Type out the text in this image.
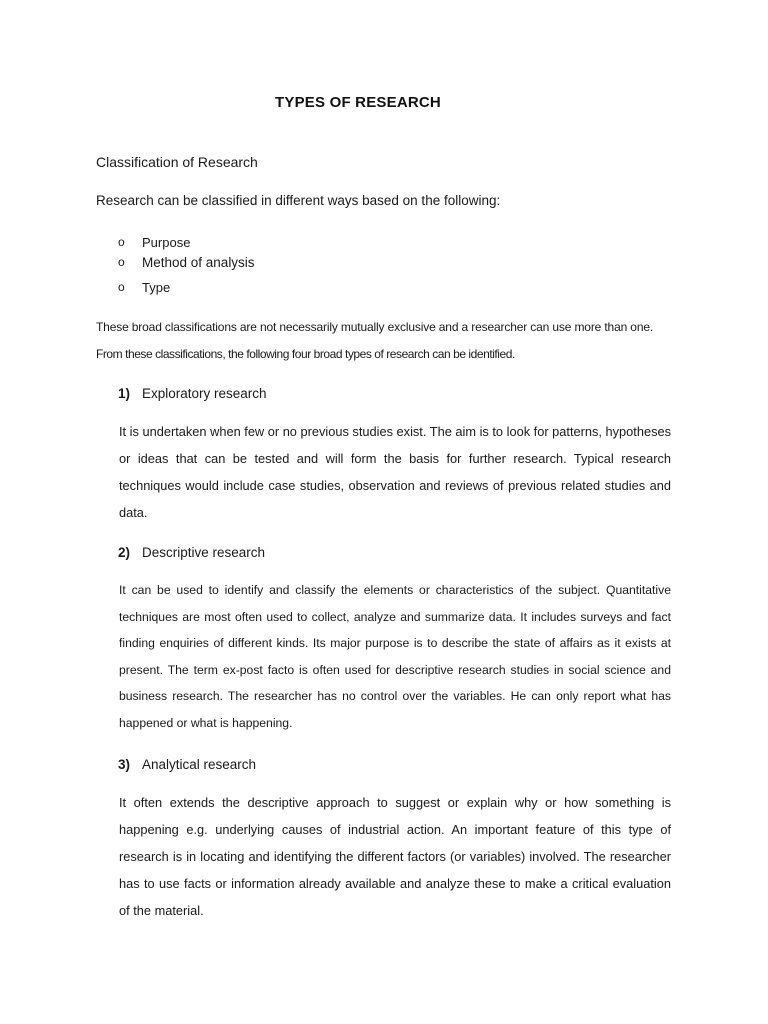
TYPES OF RESEARCH
Classification of Research
Research can be classified in different ways based on the following:
o Purpose
o Method of analysis
o Type
These broad classifications are not necessarily mutually exclusive and a researcher can use more than one.
From these classifications, the following four broad types of research can be identified.
1) Exploratory research
It is undertaken when few or no previous studies exist. The aim is to look for patterns, hypotheses or ideas that can be tested and will form the basis for further research. Typical research techniques would include case studies, observation and reviews of previous related studies and data.
2) Descriptive research
It can be used to identify and classify the elements or characteristics of the subject. Quantitative techniques are most often used to collect, analyze and summarize data. It includes surveys and fact finding enquiries of different kinds. Its major purpose is to describe the state of affairs as it exists at present. The term ex-post facto is often used for descriptive research studies in social science and business research. The researcher has no control over the variables. He can only report what has happened or what is happening.
3) Analytical research
It often extends the descriptive approach to suggest or explain why or how something is happening e.g. underlying causes of industrial action. An important feature of this type of research is in locating and identifying the different factors (or variables) involved. The researcher has to use facts or information already available and analyze these to make a critical evaluation of the material.
